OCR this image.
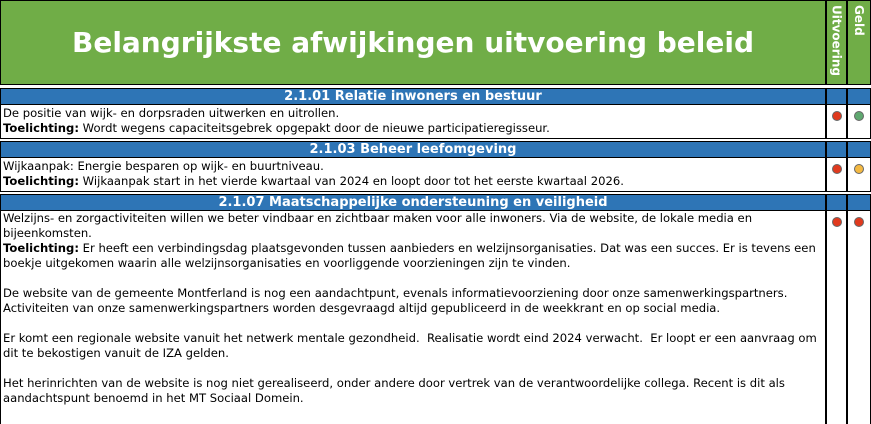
Belangrijkste afwijkingen uitvoering beleid	Uitvoering Geld
2.1.01 Relatie inwoners en bestuur
De positie van wijk- en dorpsraden uitwerken en uitrollen.
Toelichting: Wordt wegens capaciteitsgebrek opgepakt door de nieuwe participatieregisseur.
2.1.03 Beheer leefomgeving
Wijkaanpak: Energie besparen op wijk- en buurtniveau.
Toelichting: Wijkaanpak start in het vierde kwartaal van 2024 en loopt door tot het eerste kwartaal 2026.
2.1.07 Maatschappelijke ondersteuning en veiligheid
Welzijns- en zorgactiviteiten willen we beter vindbaar en zichtbaar maken voor alle inwoners. Via de website, de lokale media en bijeenkomsten.
Toelichting: Er heeft een verbindingsdag plaatsgevonden tussen aanbieders en welzijnsorganisaties. Dat was een succes. Er is tevens een boekje uitgekomen waarin alle welzijnsorganisaties en voorliggende voorzieningen zijn te vinden.

De website van de gemeente Montferland is nog een aandachtpunt, evenals informatievoorziening door onze samenwerkingspartners. Activiteiten van onze samenwerkingspartners worden desgevraagd altijd gepubliceerd in de weekkrant en op social media.

Er komt een regionale website vanuit het netwerk mentale gezondheid.  Realisatie wordt eind 2024 verwacht.  Er loopt er een aanvraag om dit te bekostigen vanuit de IZA gelden.

Het herinrichten van de website is nog niet gerealiseerd, onder andere door vertrek van de verantwoordelijke collega. Recent is dit als aandachtspunt benoemd in het MT Sociaal Domein.
